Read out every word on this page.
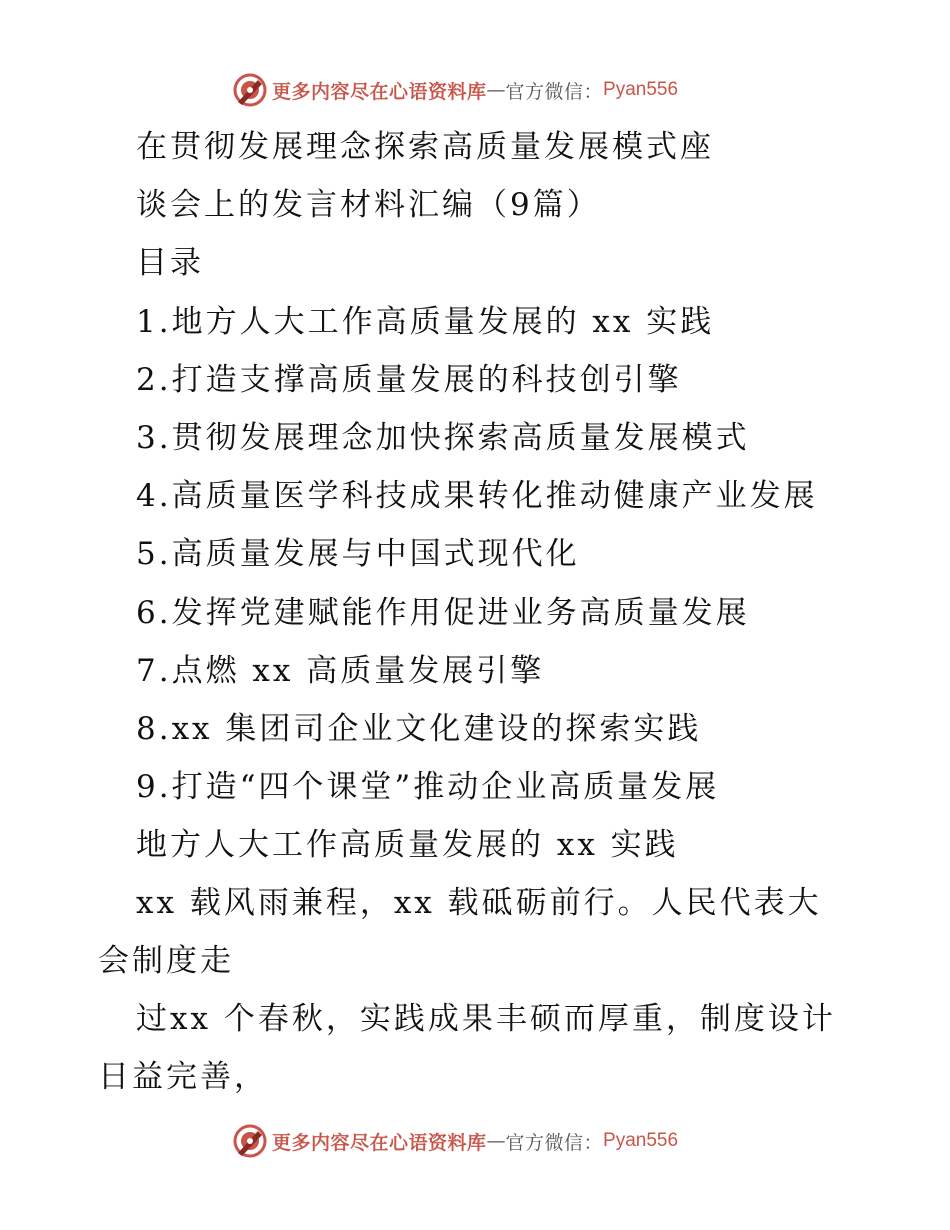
更多内容尽在心语资料库 — 官方微信： Pyan556
在贯彻发展理念探索高质量发展模式座
谈会上的发言材料汇编（9篇）
目录
1.地方人大工作高质量发展的 xx 实践
2.打造支撑高质量发展的科技创引擎
3.贯彻发展理念加快探索高质量发展模式
4.高质量医学科技成果转化推动健康产业发展
5.高质量发展与中国式现代化
6.发挥党建赋能作用促进业务高质量发展
7.点燃 xx 高质量发展引擎
8.xx 集团司企业文化建设的探索实践
9.打造“四个课堂”推动企业高质量发展
地方人大工作高质量发展的 xx 实践
xx 载风雨兼程，xx 载砥砺前行。人民代表大会制度走
过xx 个春秋，实践成果丰硕而厚重，制度设计日益完善，
更多内容尽在心语资料库 — 官方微信： Pyan556
